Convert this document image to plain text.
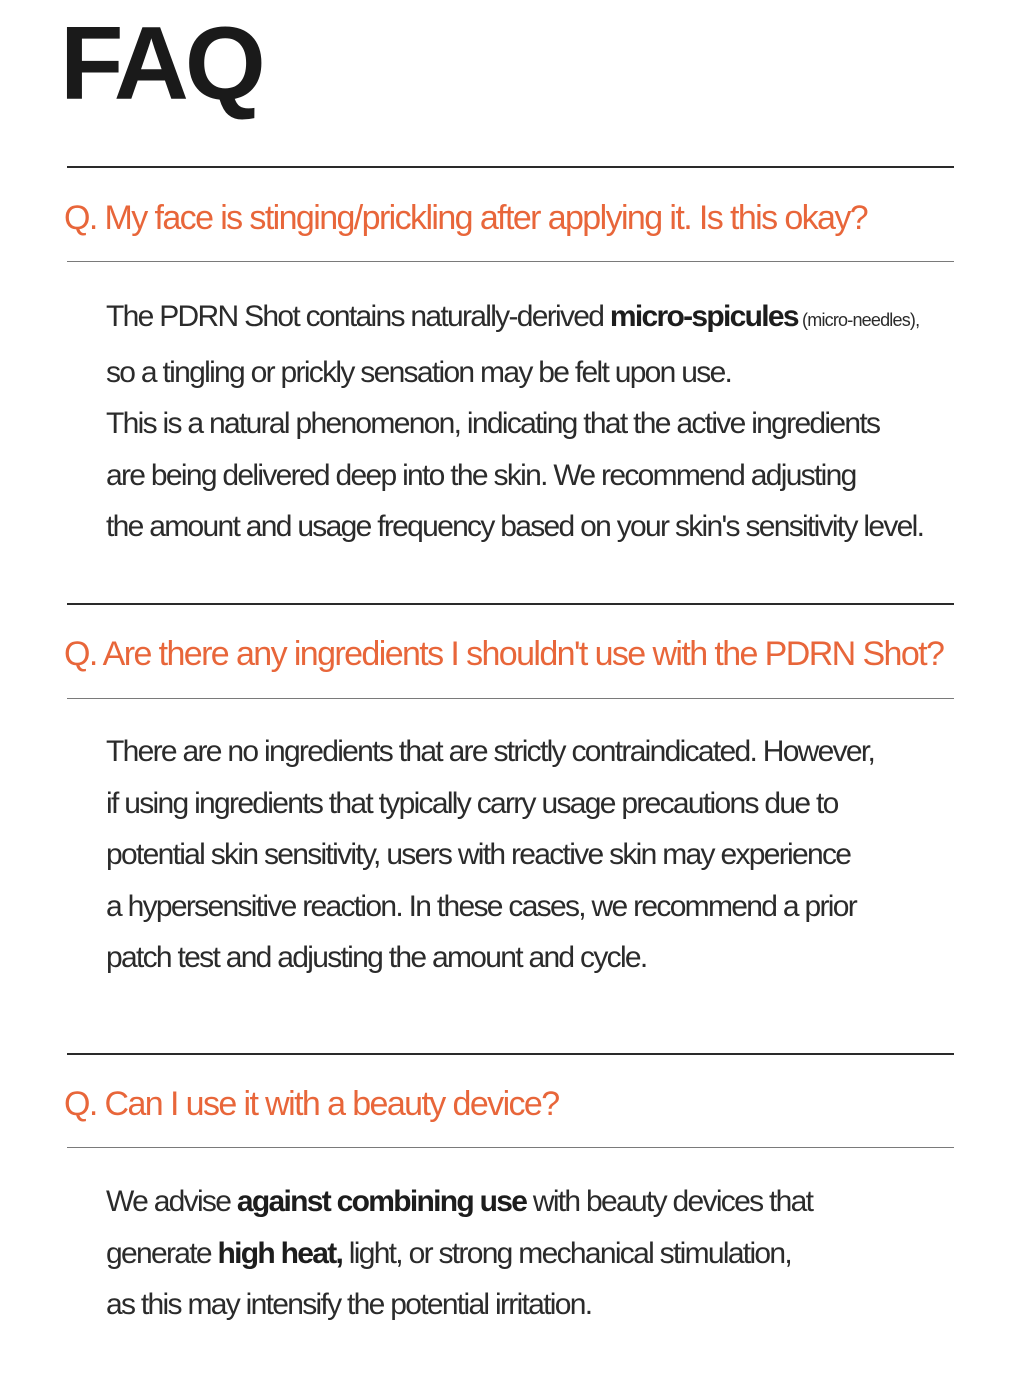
FAQ
Q. My face is stinging/prickling after applying it. Is this okay?
The PDRN Shot contains naturally-derived micro-spicules (micro-needles),
so a tingling or prickly sensation may be felt upon use.
This is a natural phenomenon, indicating that the active ingredients
are being delivered deep into the skin. We recommend adjusting
the amount and usage frequency based on your skin's sensitivity level.
Q. Are there any ingredients I shouldn't use with the PDRN Shot?
There are no ingredients that are strictly contraindicated. However,
if using ingredients that typically carry usage precautions due to
potential skin sensitivity, users with reactive skin may experience
a hypersensitive reaction. In these cases, we recommend a prior
patch test and adjusting the amount and cycle.
Q. Can I use it with a beauty device?
We advise against combining use with beauty devices that
generate high heat, light, or strong mechanical stimulation,
as this may intensify the potential irritation.
